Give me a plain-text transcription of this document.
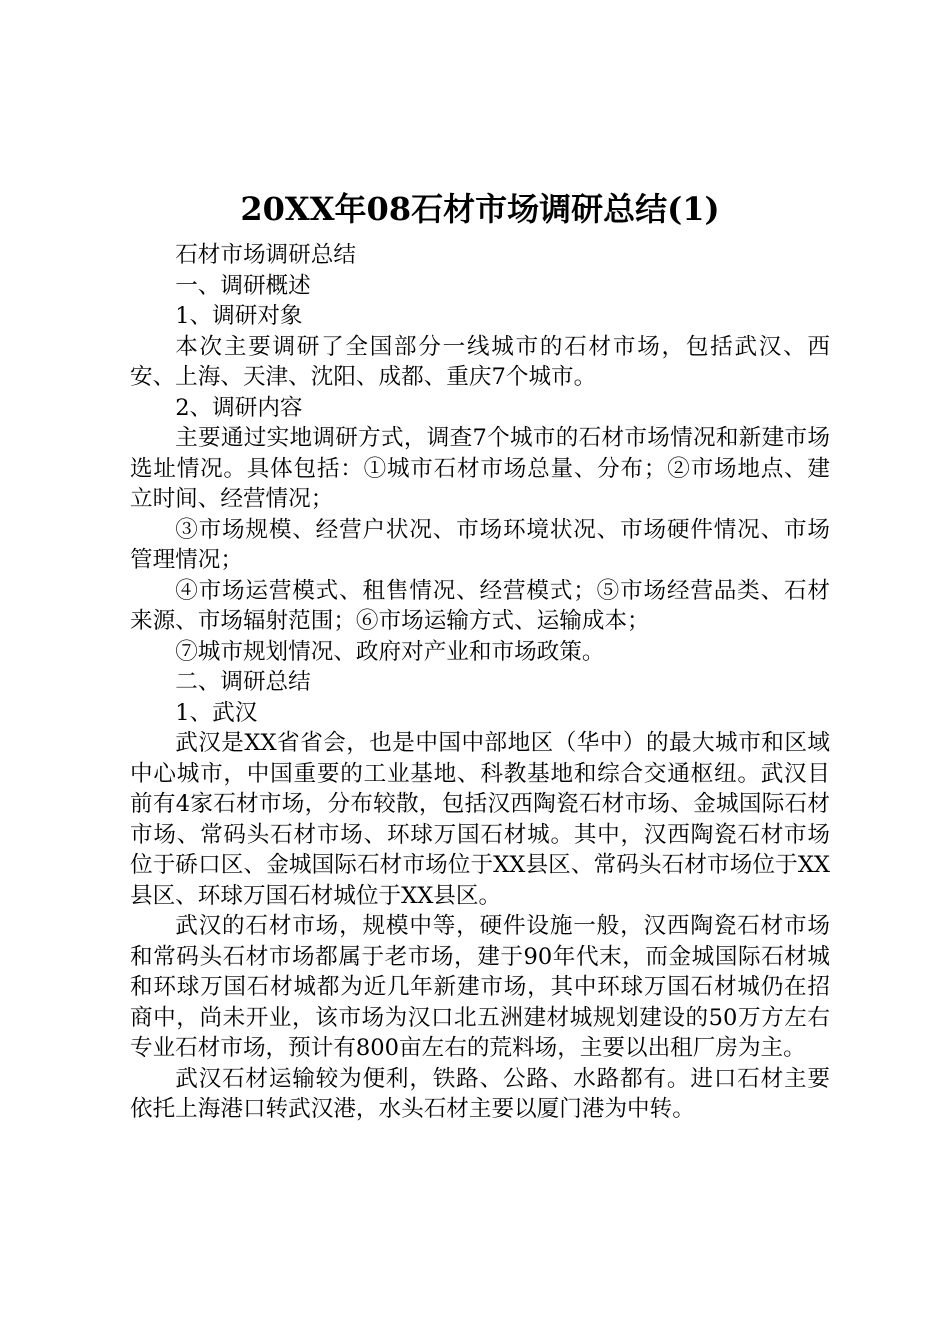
20XX年08石材市场调研总结(1)

石材市场调研总结

一、调研概述

1、调研对象

本次主要调研了全国部分一线城市的石材市场，包括武汉、西安、上海、天津、沈阳、成都、重庆7个城市。

2、调研内容

主要通过实地调研方式，调查7个城市的石材市场情况和新建市场选址情况。具体包括：①城市石材市场总量、分布；②市场地点、建立时间、经营情况；

③市场规模、经营户状况、市场环境状况、市场硬件情况、市场管理情况；

④市场运营模式、租售情况、经营模式；⑤市场经营品类、石材来源、市场辐射范围；⑥市场运输方式、运输成本；

⑦城市规划情况、政府对产业和市场政策。

二、调研总结

1、武汉

武汉是XX省省会，也是中国中部地区（华中）的最大城市和区域中心城市，中国重要的工业基地、科教基地和综合交通枢纽。武汉目前有4家石材市场，分布较散，包括汉西陶瓷石材市场、金城国际石材市场、常码头石材市场、环球万国石材城。其中，汉西陶瓷石材市场位于硚口区、金城国际石材市场位于XX县区、常码头石材市场位于XX县区、环球万国石材城位于XX县区。

武汉的石材市场，规模中等，硬件设施一般，汉西陶瓷石材市场和常码头石材市场都属于老市场，建于90年代末，而金城国际石材城和环球万国石材城都为近几年新建市场，其中环球万国石材城仍在招商中，尚未开业，该市场为汉口北五洲建材城规划建设的50万方左右专业石材市场，预计有800亩左右的荒料场，主要以出租厂房为主。

武汉石材运输较为便利，铁路、公路、水路都有。进口石材主要依托上海港口转武汉港，水头石材主要以厦门港为中转。
